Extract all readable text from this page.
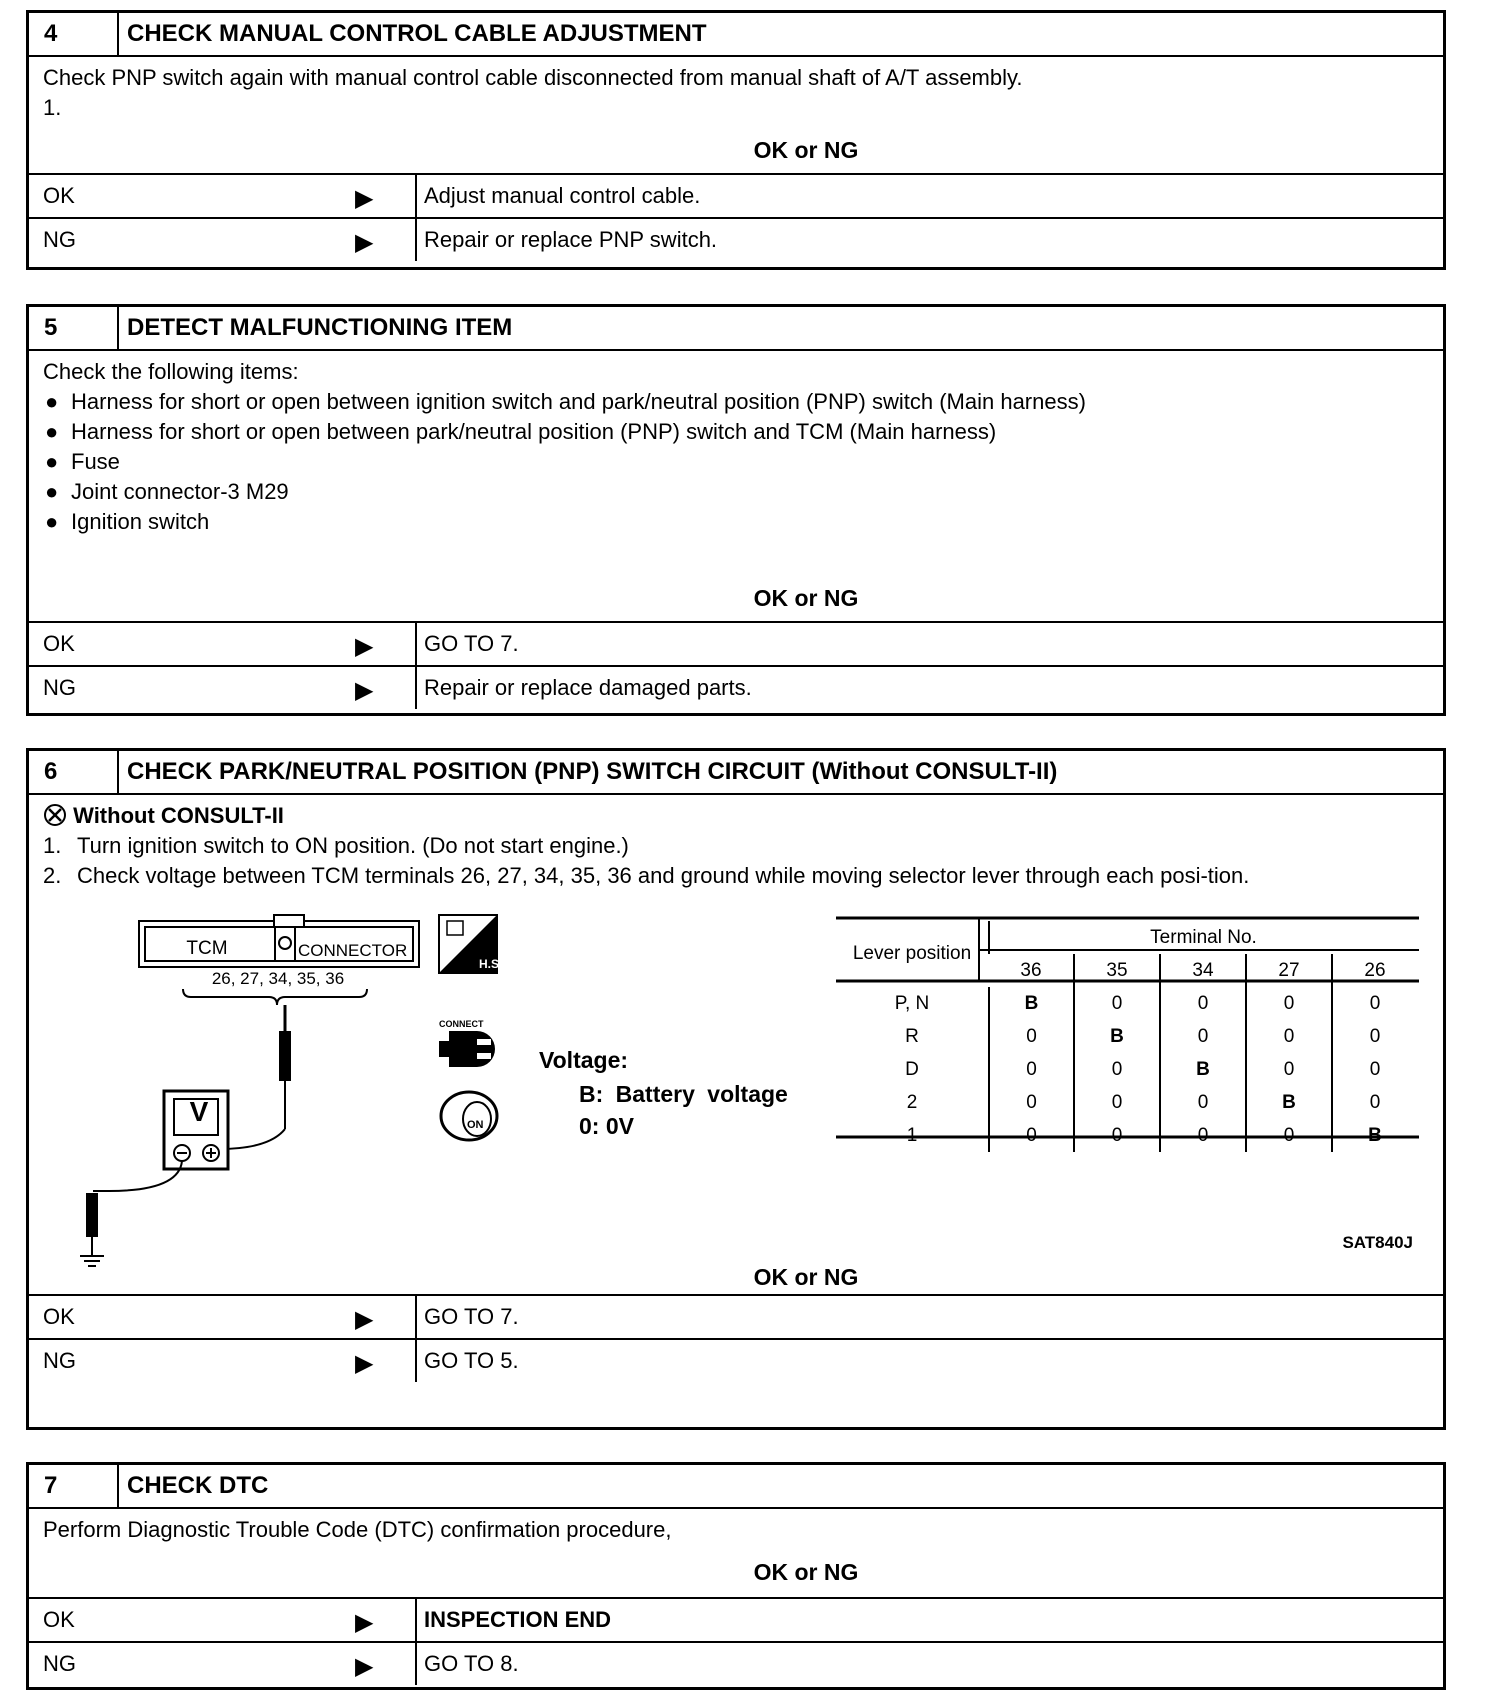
4	CHECK MANUAL CONTROL CABLE ADJUSTMENT
Check PNP switch again with manual control cable disconnected from manual shaft of A/T assembly.
1.
OK or NG
OK	▶	Adjust manual control cable.
NG	▶	Repair or replace PNP switch.
5	DETECT MALFUNCTIONING ITEM
Check the following items:
● Harness for short or open between ignition switch and park/neutral position (PNP) switch (Main harness)
● Harness for short or open between park/neutral position (PNP) switch and TCM (Main harness)
● Fuse
● Joint connector-3 M29
● Ignition switch
OK or NG
OK	▶	GO TO 7.
NG	▶	Repair or replace damaged parts.
6	CHECK PARK/NEUTRAL POSITION (PNP) SWITCH CIRCUIT (Without CONSULT-II)
Without CONSULT-II
1. Turn ignition switch to ON position. (Do not start engine.)
2. Check voltage between TCM terminals 26, 27, 34, 35, 36 and ground while moving selector lever through each posi-tion.
TCM	CONNECTOR
26, 27, 34, 35, 36
V
H.S.
CONNECT
ON
Voltage:
B: Battery voltage
0: 0V
Lever position	Terminal No.				
	36	35	34	27	26
P, N	B	0	0	0	0
R	0	B	0	0	0
D	0	0	B	0	0
2	0	0	0	B	0
1	0	0	0	0	B
SAT840J
OK or NG
OK	▶	GO TO 7.
NG	▶	GO TO 5.
7	CHECK DTC
Perform Diagnostic Trouble Code (DTC) confirmation procedure,
OK or NG
OK	▶	INSPECTION END
NG	▶	GO TO 8.
